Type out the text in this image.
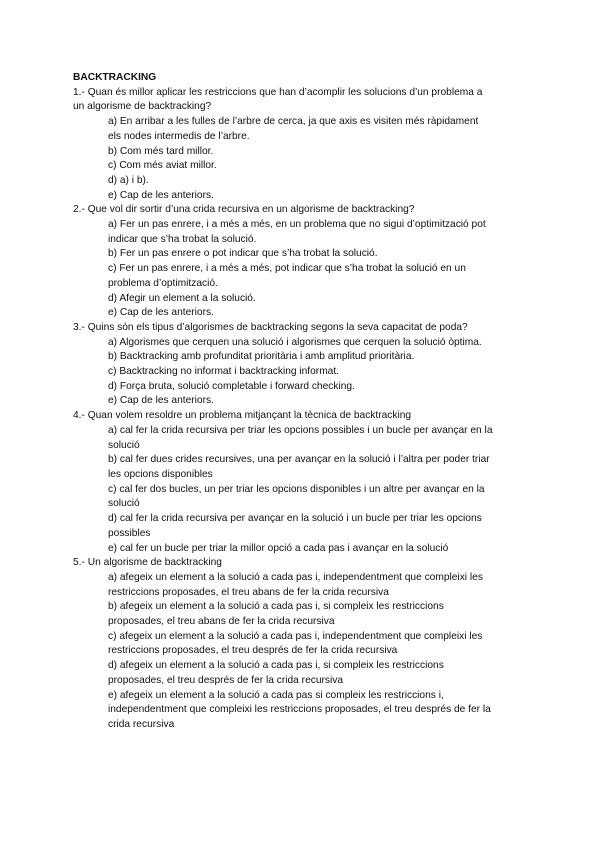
BACKTRACKING

1.- Quan és millor aplicar les restriccions que han d’acomplir les solucions d’un problema a

un algorisme de backtracking?

a) En arribar a les fulles de l’arbre de cerca, ja que axis es visiten més ràpidament

els nodes intermedis de l’arbre.

b) Com més tard millor.

c) Com més aviat millor.

d) a) i b).

e) Cap de les anteriors.

2.- Que vol dir sortir d’una crida recursiva en un algorisme de backtracking?

a) Fer un pas enrere, i a més a més, en un problema que no sigui d’optimització pot

indicar que s’ha trobat la solució.

b) Fer un pas enrere o pot indicar que s’ha trobat la solució.

c) Fer un pas enrere, i a més a més, pot indicar que s’ha trobat la solució en un

problema d’optimització.

d) Afegir un element a la solució.

e) Cap de les anteriors.

3.- Quins són els tipus d’algorismes de backtracking segons la seva capacitat de poda?

a) Algorismes que cerquen una solució i algorismes que cerquen la solució òptima.

b) Backtracking amb profunditat prioritària i amb amplitud prioritària.

c) Backtracking no informat i backtracking informat.

d) Força bruta, solució completable i forward checking.

e) Cap de les anteriors.

4.- Quan volem resoldre un problema mitjançant la tècnica de backtracking

a) cal fer la crida recursiva per triar les opcions possibles i un bucle per avançar en la

solució

b) cal fer dues crides recursives, una per avançar en la solució i l’altra per poder triar

les opcions disponibles

c) cal fer dos bucles, un per triar les opcions disponibles i un altre per avançar en la

solució

d) cal fer la crida recursiva per avançar en la solució i un bucle per triar les opcions

possibles

e) cal fer un bucle per triar la millor opció a cada pas i avançar en la solució

5.- Un algorisme de backtracking

a) afegeix un element a la solució a cada pas i, independentment que compleixi les

restriccions proposades, el treu abans de fer la crida recursiva

b) afegeix un element a la solució a cada pas i, si compleix les restriccions

proposades, el treu abans de fer la crida recursiva

c) afegeix un element a la solució a cada pas i, independentment que compleixi les

restriccions proposades, el treu després de fer la crida recursiva

d) afegeix un element a la solució a cada pas i, si compleix les restriccions

proposades, el treu després de fer la crida recursiva

e) afegeix un element a la solució a cada pas si compleix les restriccions i,

independentment que compleixi les restriccions proposades, el treu després de fer la

crida recursiva
